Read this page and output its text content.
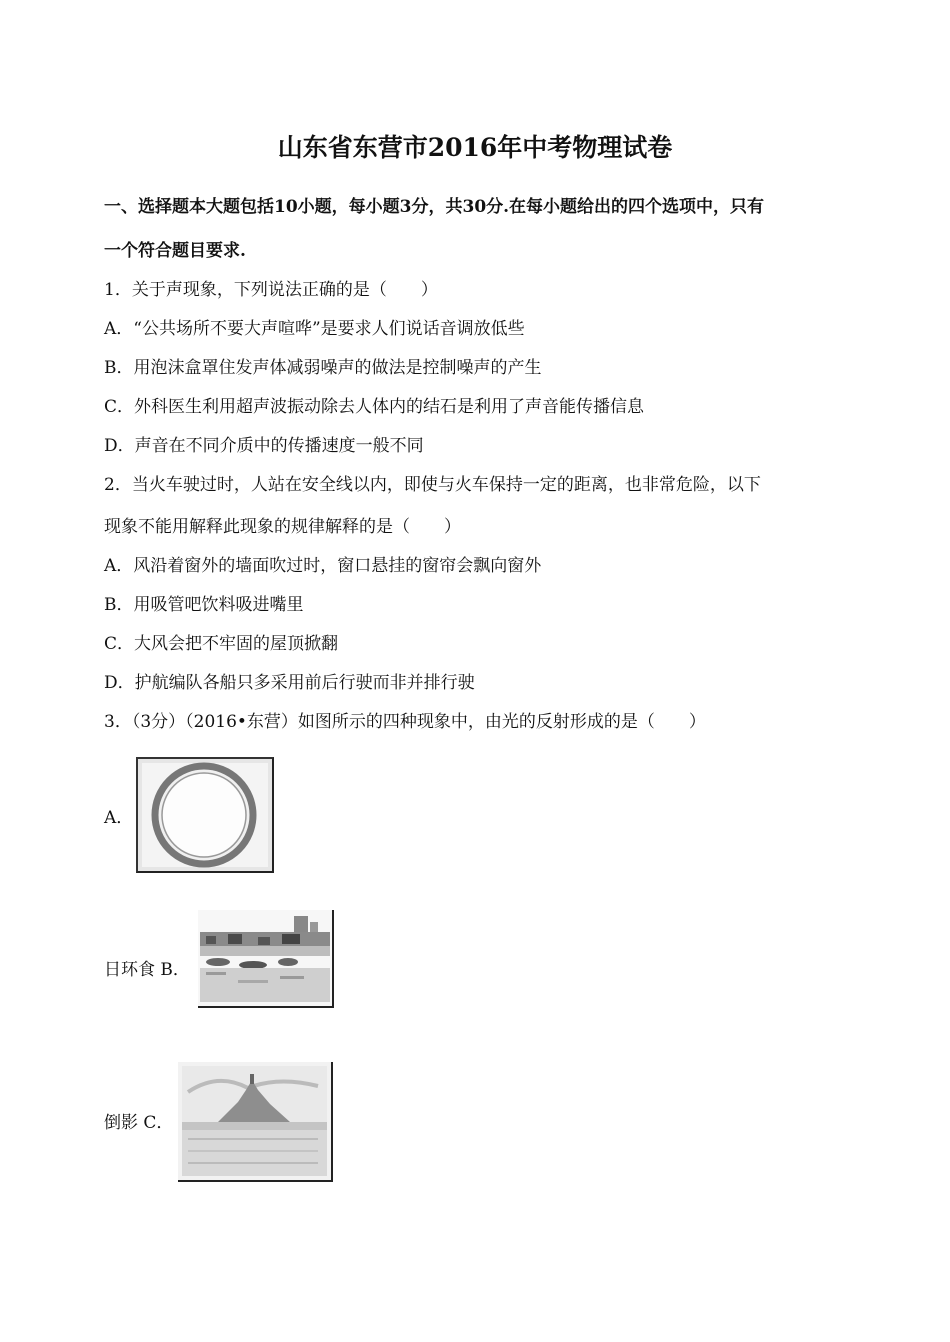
山东省东营市2016年中考物理试卷
一、选择题本大题包括10小题，每小题3分，共30分.在每小题给出的四个选项中，只有
一个符合题目要求.
1．关于声现象，下列说法正确的是（　　）
A．“公共场所不要大声喧哗”是要求人们说话音调放低些
B．用泡沫盒罩住发声体减弱噪声的做法是控制噪声的产生
C．外科医生利用超声波振动除去人体内的结石是利用了声音能传播信息
D．声音在不同介质中的传播速度一般不同
2．当火车驶过时，人站在安全线以内，即使与火车保持一定的距离，也非常危险，以下
现象不能用解释此现象的规律解释的是（　　）
A．风沿着窗外的墙面吹过时，窗口悬挂的窗帘会飘向窗外
B．用吸管吧饮料吸进嘴里
C．大风会把不牢固的屋顶掀翻
D．护航编队各船只多采用前后行驶而非并排行驶
3．（3分）（2016•东营）如图所示的四种现象中，由光的反射形成的是（　　）
A．
日环食 B．
倒影 C．
